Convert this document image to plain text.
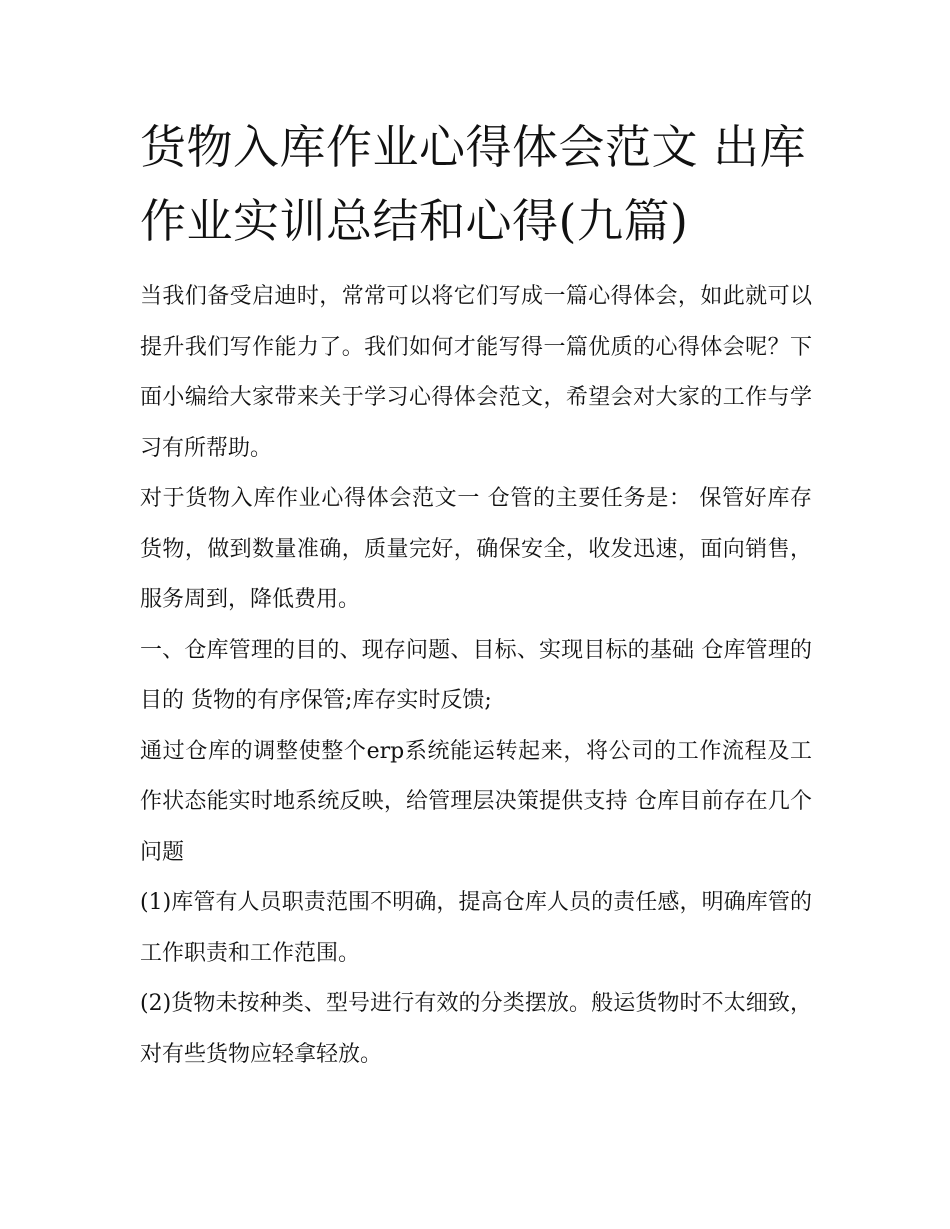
货物入库作业心得体会范文 出库作业实训总结和心得(九篇)

当我们备受启迪时，常常可以将它们写成一篇心得体会，如此就可以提升我们写作能力了。我们如何才能写得一篇优质的心得体会呢？下面小编给大家带来关于学习心得体会范文，希望会对大家的工作与学习有所帮助。

对于货物入库作业心得体会范文一 仓管的主要任务是： 保管好库存货物，做到数量准确，质量完好，确保安全，收发迅速，面向销售，服务周到，降低费用。

一、仓库管理的目的、现存问题、目标、实现目标的基础 仓库管理的目的 货物的有序保管;库存实时反馈;

通过仓库的调整使整个erp系统能运转起来，将公司的工作流程及工作状态能实时地系统反映，给管理层决策提供支持 仓库目前存在几个问题

(1)库管有人员职责范围不明确，提高仓库人员的责任感，明确库管的工作职责和工作范围。

(2)货物未按种类、型号进行有效的分类摆放。般运货物时不太细致，对有些货物应轻拿轻放。
